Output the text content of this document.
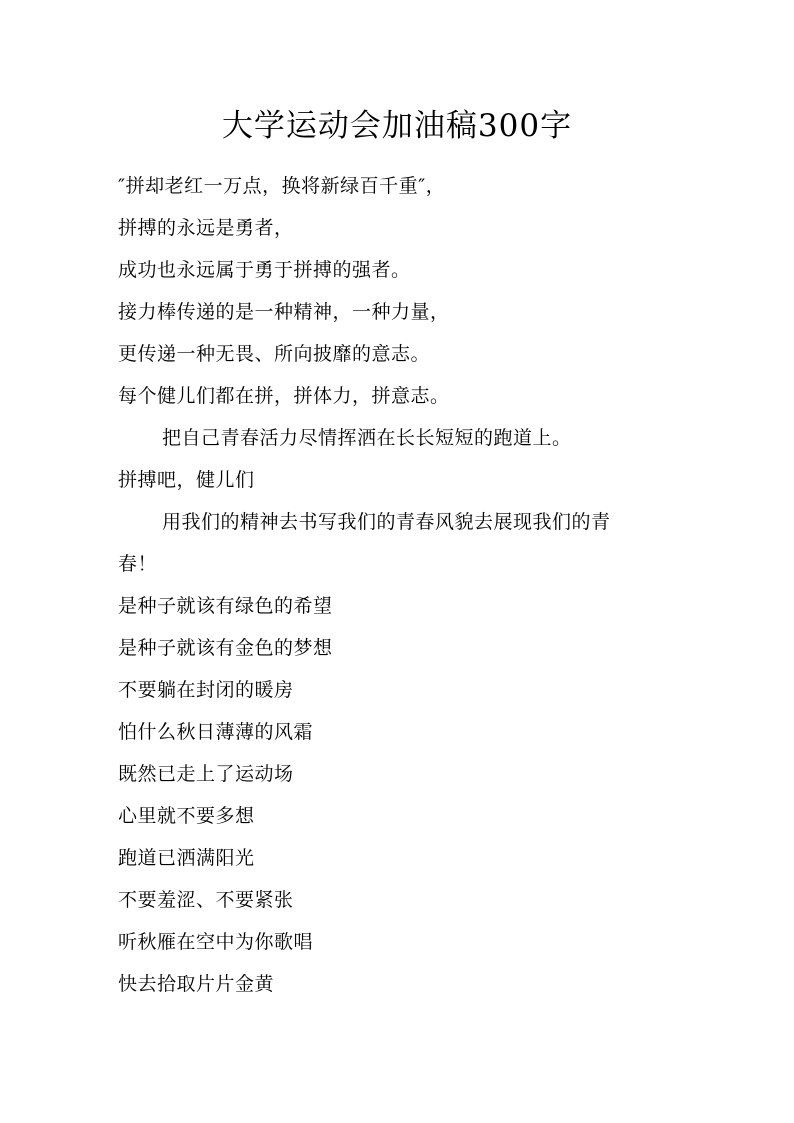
大学运动会加油稿300字
″拼却老红一万点，换将新绿百千重″，
拼搏的永远是勇者，
成功也永远属于勇于拼搏的强者。
接力棒传递的是一种精神，一种力量，
更传递一种无畏、所向披靡的意志。
每个健儿们都在拼，拼体力，拼意志。
把自己青春活力尽情挥洒在长长短短的跑道上。
拼搏吧，健儿们
用我们的精神去书写我们的青春风貌去展现我们的青
春！
是种子就该有绿色的希望
是种子就该有金色的梦想
不要躺在封闭的暖房
怕什么秋日薄薄的风霜
既然已走上了运动场
心里就不要多想
跑道已洒满阳光
不要羞涩、不要紧张
听秋雁在空中为你歌唱
快去拾取片片金黄
